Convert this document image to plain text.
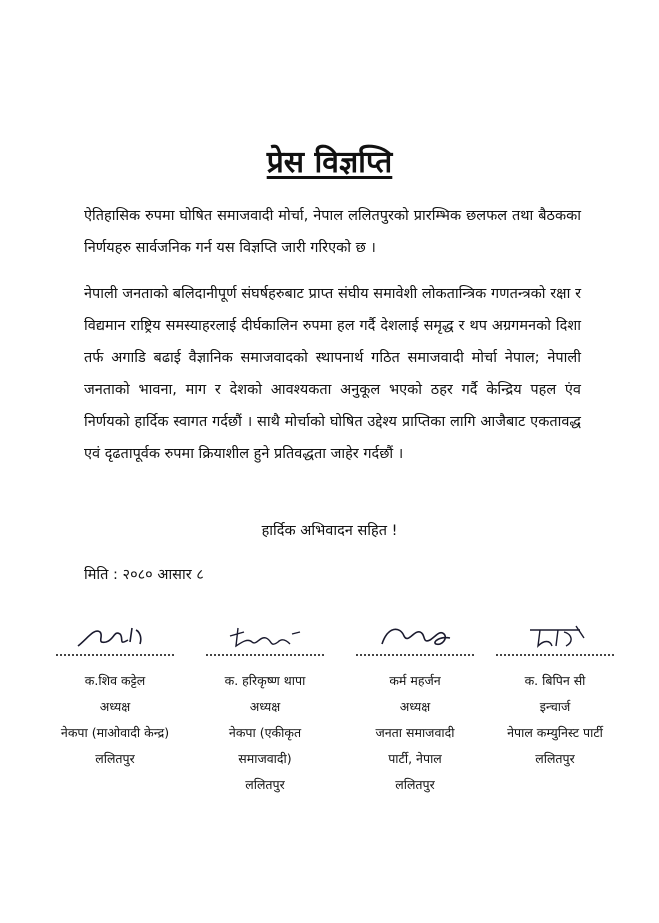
प्रेस विज्ञप्ति
ऐतिहासिक रुपमा घोषित समाजवादी मोर्चा, नेपाल ललितपुरको प्रारम्भिक छलफल तथा बैठकका निर्णयहरु सार्वजनिक गर्न यस विज्ञप्ति जारी गरिएको छ ।
नेपाली जनताको बलिदानीपूर्ण संघर्षहरुबाट प्राप्त संघीय समावेशी लोकतान्त्रिक गणतन्त्रको रक्षा र विद्यमान राष्ट्रिय समस्याहरलाई दीर्घकालिन रुपमा हल गर्दै देशलाई समृद्ध र थप अग्रगमनको दिशा तर्फ अगाडि बढाई वैज्ञानिक समाजवादको स्थापनार्थ गठित समाजवादी मोर्चा नेपाल; नेपाली जनताको भावना, माग र देशको आवश्यकता अनुकूल भएको ठहर गर्दै केन्द्रिय पहल एंव निर्णयको हार्दिक स्वागत गर्दछौं । साथै मोर्चाको घोषित उद्देश्य प्राप्तिका लागि आजैबाट एकतावद्ध एवं दृढतापूर्वक रुपमा क्रियाशील हुने प्रतिवद्धता जाहेर गर्दछौं ।
हार्दिक अभिवादन सहित !
मिति : २०८० आसार ८
क.शिव कट्टेल
अध्यक्ष
नेकपा (माओवादी केन्द्र)
ललितपुर
क. हरिकृष्ण थापा
अध्यक्ष
नेकपा (एकीकृत
समाजवादी)
ललितपुर
कर्म महर्जन
अध्यक्ष
जनता समाजवादी
पार्टी, नेपाल
ललितपुर
क. बिपिन सी
इन्चार्ज
नेपाल कम्युनिस्ट पार्टी
ललितपुर
